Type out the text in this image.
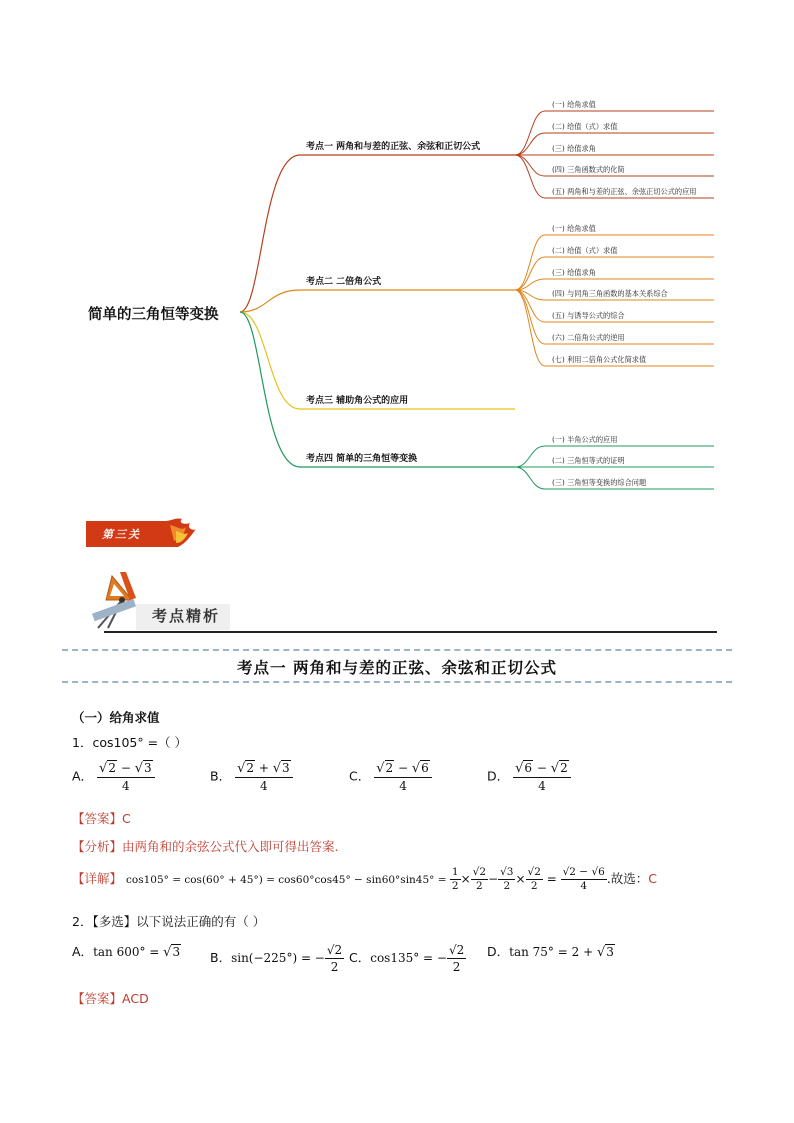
简单的三角恒等变换
考点一 两角和与差的正弦、余弦和正切公式
考点二 二倍角公式
考点三 辅助角公式的应用
考点四 简单的三角恒等变换
(一) 给角求值
(二) 给值（式）求值
(三) 给值求角
(四) 三角函数式的化简
(五) 两角和与差的正弦、余弦正切公式的应用
(一) 给角求值
(二) 给值（式）求值
(三) 给值求角
(四) 与同角三角函数的基本关系综合
(五) 与诱导公式的综合
(六) 二倍角公式的逆用
(七) 利用二倍角公式化简求值
(一) 半角公式的应用
(二) 三角恒等式的证明
(三) 三角恒等变换的综合问题
第三关
考点精析
考点一 两角和与差的正弦、余弦和正切公式
（一）给角求值
1．cos105° =（ ）
A． $\frac{√2 - √3}{4}$	B． $\frac{√2 + √3}{4}$	C． $\frac{√2 - √6}{4}$	D． $\frac{√6 - √2}{4}$
【答案】C
【分析】由两角和的余弦公式代入即可得出答案.
【详解】 $\cos 105^\circ = \cos(60^\circ + 45^\circ) = \cos 60^\circ\cos 45^\circ - \sin 60^\circ\sin 45^\circ = \frac{1}{2} \times \frac{√2}{2} - \frac{√3}{2} \times \frac{√2}{2} = \frac{√2 - √6}{4}$ .故选：C
2．【多选】以下说法正确的有（ ）
A．tan 600° = √3 B．sin(−225°) = − $\frac{√2}{2}$ C．cos135° = − $\frac{√2}{2}$ D．tan 75° = 2 + √3
【答案】ACD
